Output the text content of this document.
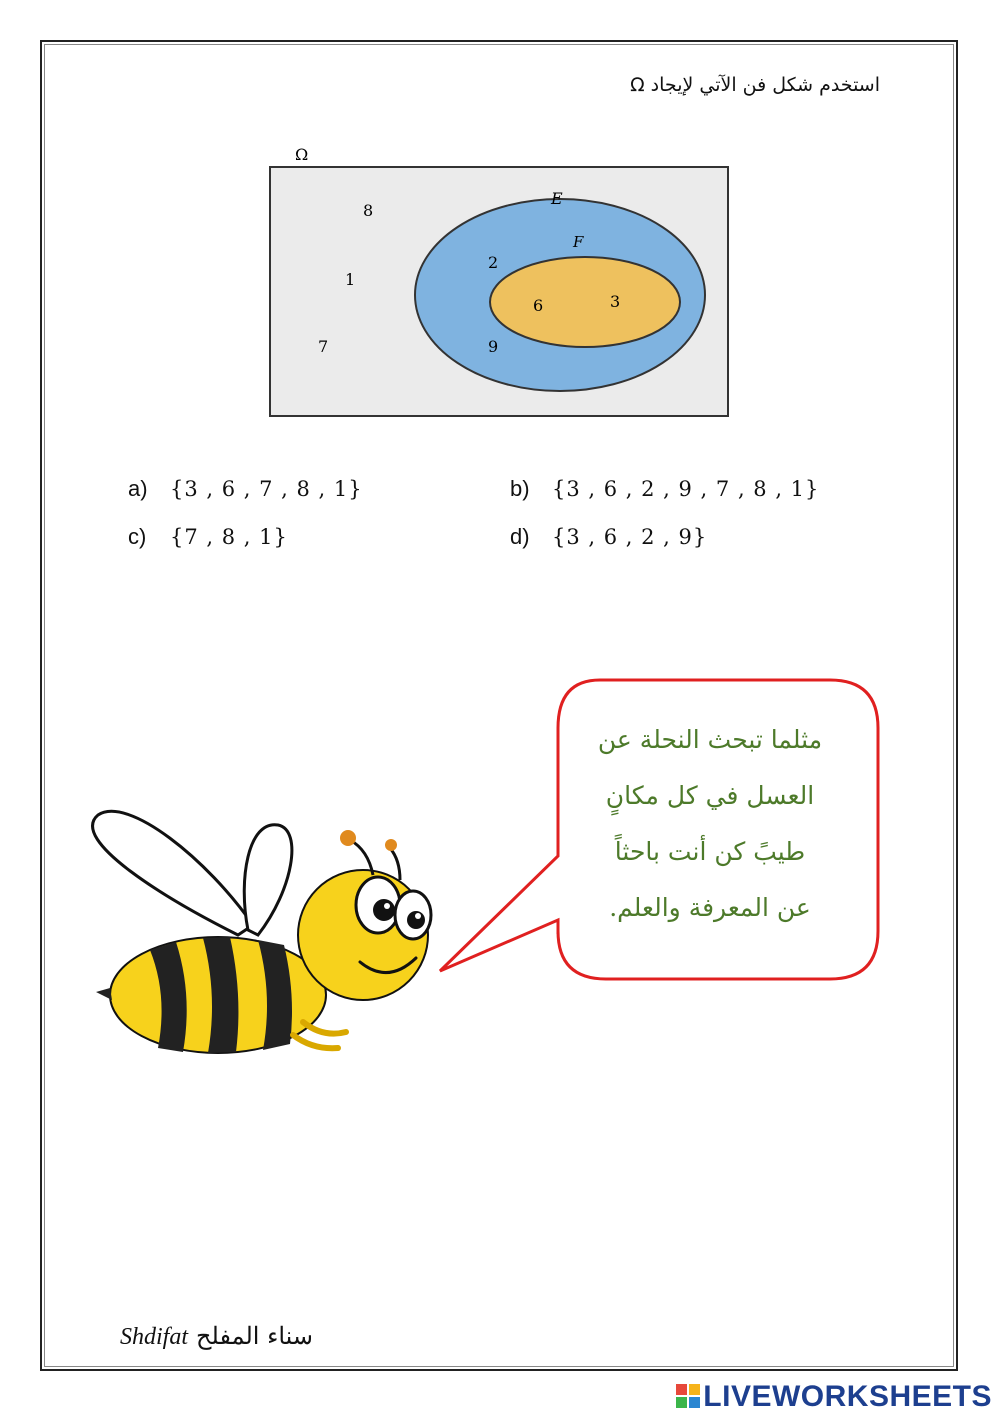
استخدم شكل فن الآتي لإيجاد Ω
Ω
E
F
8
1
7
2
9
6	3
a) {3 , 6 , 7 , 8 , 1}	b) {3 , 6 , 2 , 9 , 7 , 8 , 1}
c) {7 , 8 , 1}	d) {3 , 6 , 2 , 9}
مثلما تبحث النحلة عن
العسل في كل مكانٍ
طيبً كن أنت باحثاً
عن المعرفة والعلم.
Shdifat سناء المفلح
LIVEWORKSHEETS
